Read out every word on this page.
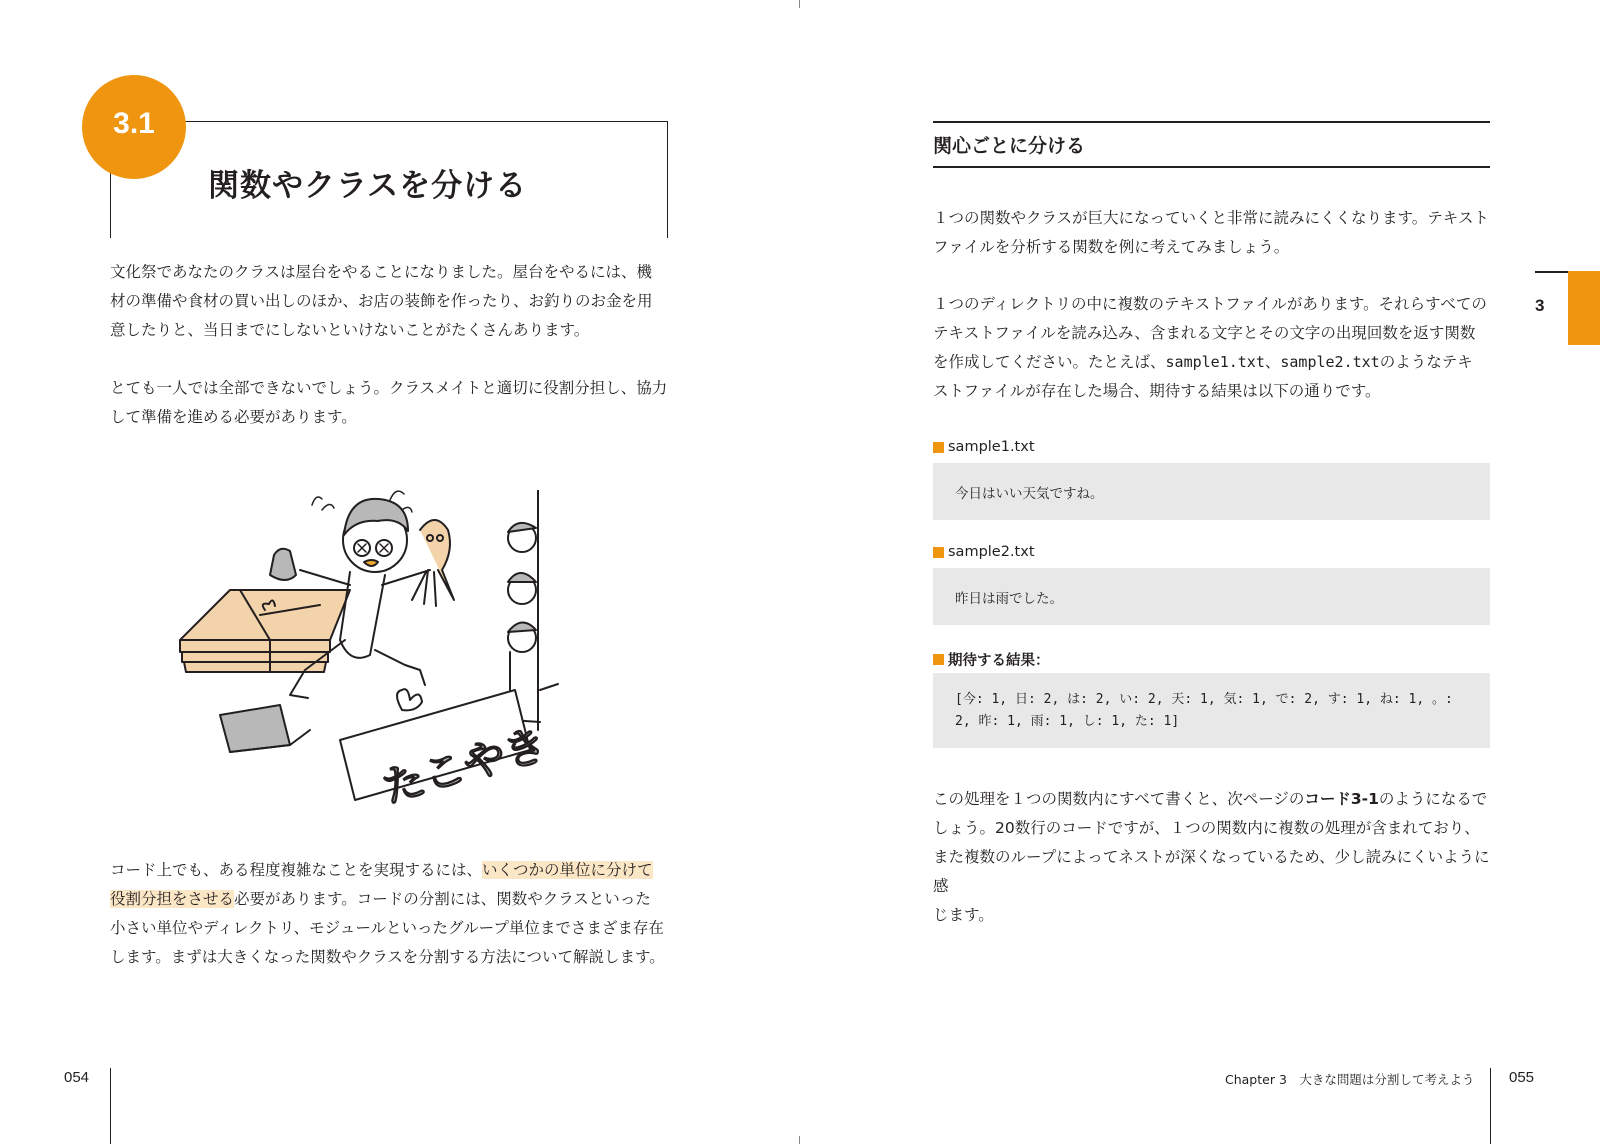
3.1
関数やクラスを分ける

文化祭であなたのクラスは屋台をやることになりました。屋台をやるには、機

材の準備や食材の買い出しのほか、お店の装飾を作ったり、お釣りのお金を用

意したりと、当日までにしないといけないことがたくさんあります。

とても一人では全部できないでしょう。クラスメイトと適切に役割分担し、協力

して準備を進める必要があります。

たこやき

コード上でも、ある程度複雑なことを実現するには、いくつかの単位に分けて

役割分担をさせる必要があります。コードの分割には、関数やクラスといった

小さい単位やディレクトリ、モジュールといったグループ単位までさまざま存在

します。まずは大きくなった関数やクラスを分割する方法について解説します。

054
関心ごとに分ける

１つの関数やクラスが巨大になっていくと非常に読みにくくなります。テキスト

ファイルを分析する関数を例に考えてみましょう。

１つのディレクトリの中に複数のテキストファイルがあります。それらすべての

テキストファイルを読み込み、含まれる文字とその文字の出現回数を返す関数

を作成してください。たとえば、sample1.txt、sample2.txtのようなテキ

ストファイルが存在した場合、期待する結果は以下の通りです。

sample1.txt
今日はいい天気ですね。
sample2.txt
昨日は雨でした。
期待する結果：
[今: 1, 日: 2, は: 2, い: 2, 天: 1, 気: 1, で: 2, す: 1, ね: 1, 。:
2, 昨: 1, 雨: 1, し: 1, た: 1]

この処理を１つの関数内にすべて書くと、次ページのコード3-1のようになるで

しょう。20数行のコードですが、１つの関数内に複数の処理が含まれており、

また複数のループによってネストが深くなっているため、少し読みにくいように感

じます。

3
Chapter 3　大きな問題は分割して考えよう 055
